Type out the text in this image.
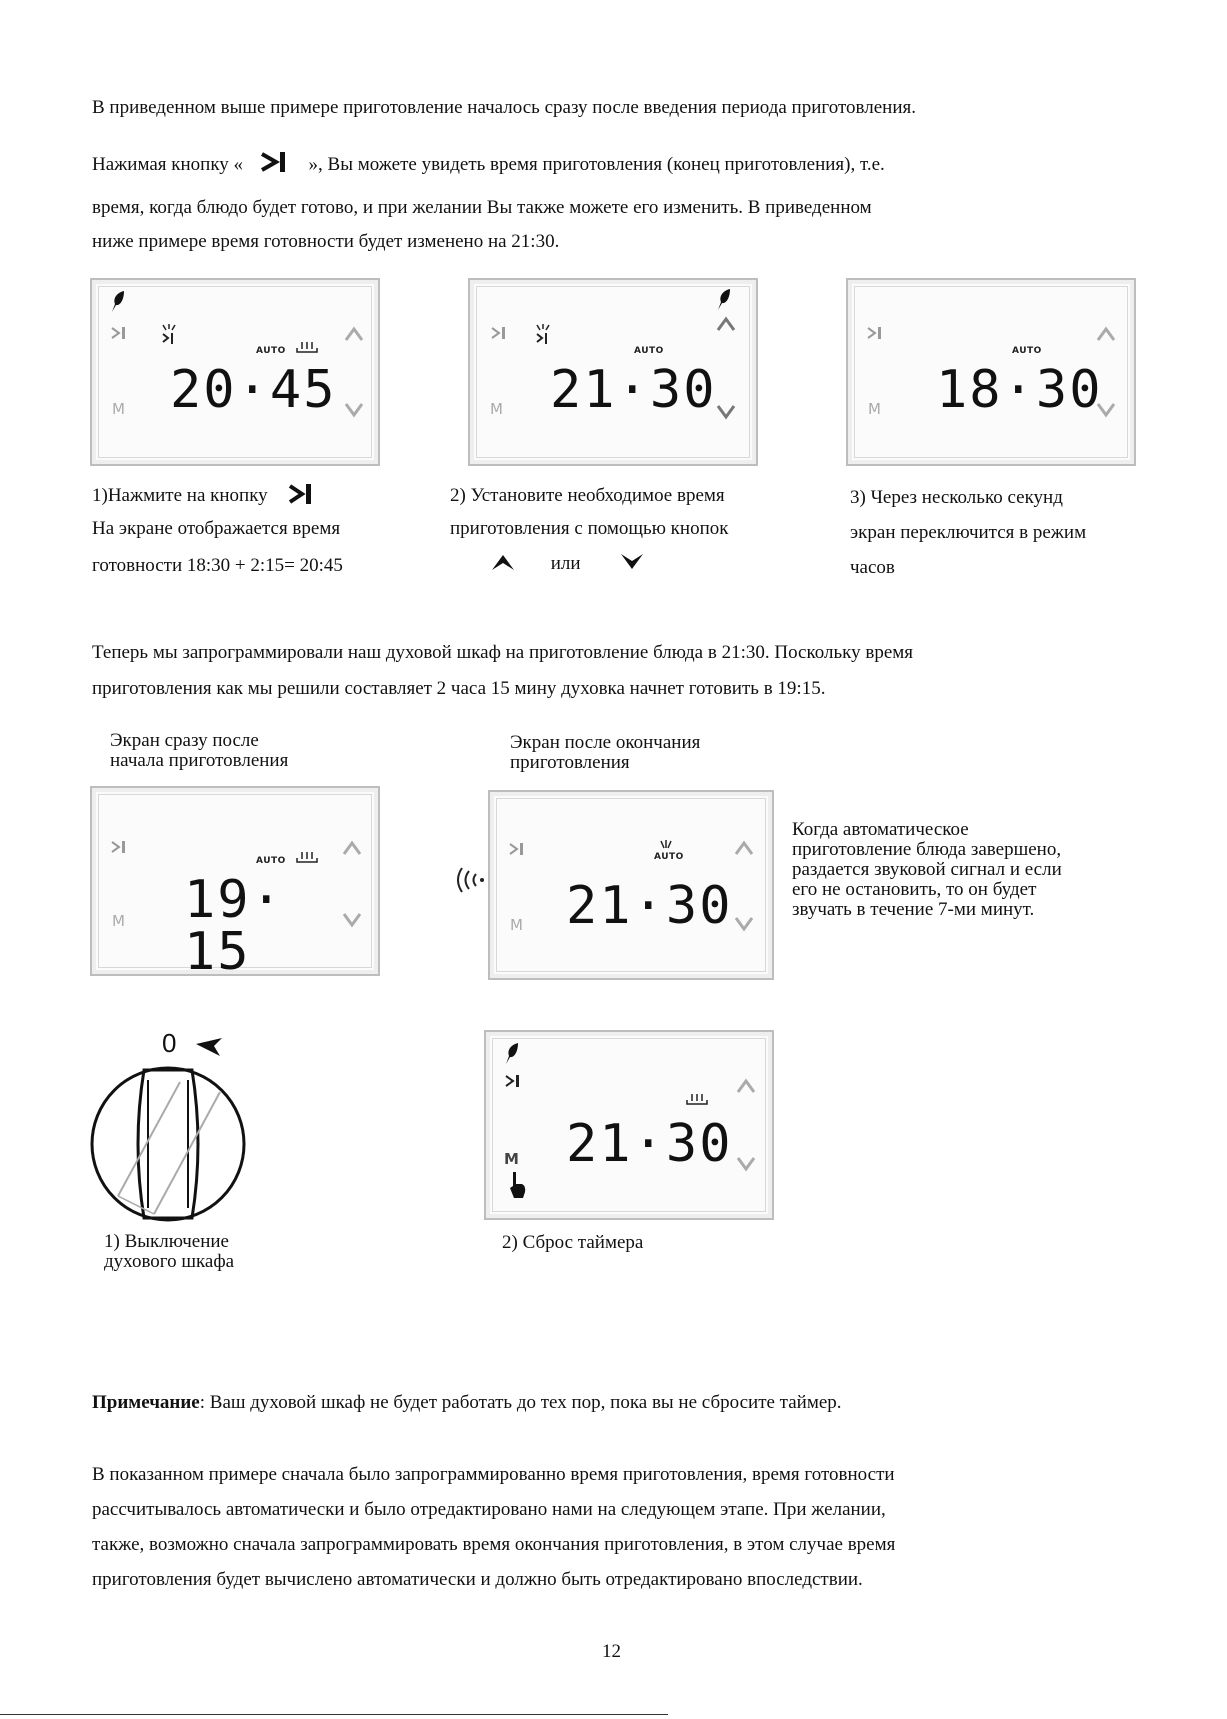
В приведенном выше примере приготовление началось сразу после введения периода приготовления.
Нажимая кнопку «	», Вы можете увидеть время приготовления (конец приготовления), т.е.
время, когда блюдо будет готово, и при желании Вы также можете его изменить. В приведенном
ниже примере время готовности будет изменено на 21:30.
AUTO
20·45
M
AUTO
21·30
M
AUTO
18·30
M
1)Нажмите на кнопку
На экране отображается время
готовности 18:30 + 2:15= 20:45
2) Установите необходимое время
приготовления с помощью кнопок
или
3) Через несколько секунд
экран переключится в режим
часов
Теперь мы запрограммировали наш духовой шкаф на приготовление блюда в 21:30. Поскольку время
приготовления как мы решили составляет 2 часа 15 мину духовка начнет готовить в 19:15.
Экран сразу после
начала приготовления
Экран после окончания
приготовления
AUTO
19· 15
M
AUTO
21·30
M
Когда автоматическое
приготовление блюда завершено,
раздается звуковой сигнал и если
его не остановить, то он будет
звучать в течение 7-ми минут.
0
21·30
M
1) Выключение
духового шкафа
2) Сброс таймера
Примечание: Ваш духовой шкаф не будет работать до тех пор, пока вы не сбросите таймер.
В показанном примере сначала было запрограммированно время приготовления, время готовности
рассчитывалось автоматически и было отредактировано нами на следующем этапе. При желании,
также, возможно сначала запрограммировать время окончания приготовления, в этом случае время
приготовления будет вычислено автоматически и должно быть отредактировано впоследствии.
12
